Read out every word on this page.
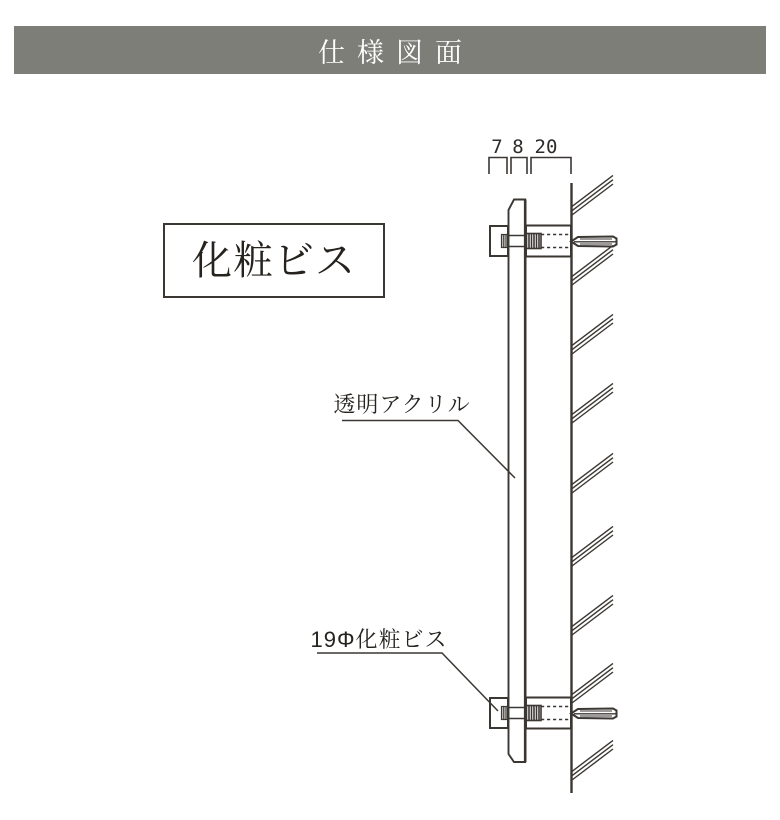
7 8 20
透明アクリル
19Φ化粧ビス
仕様図面
化粧ビス
